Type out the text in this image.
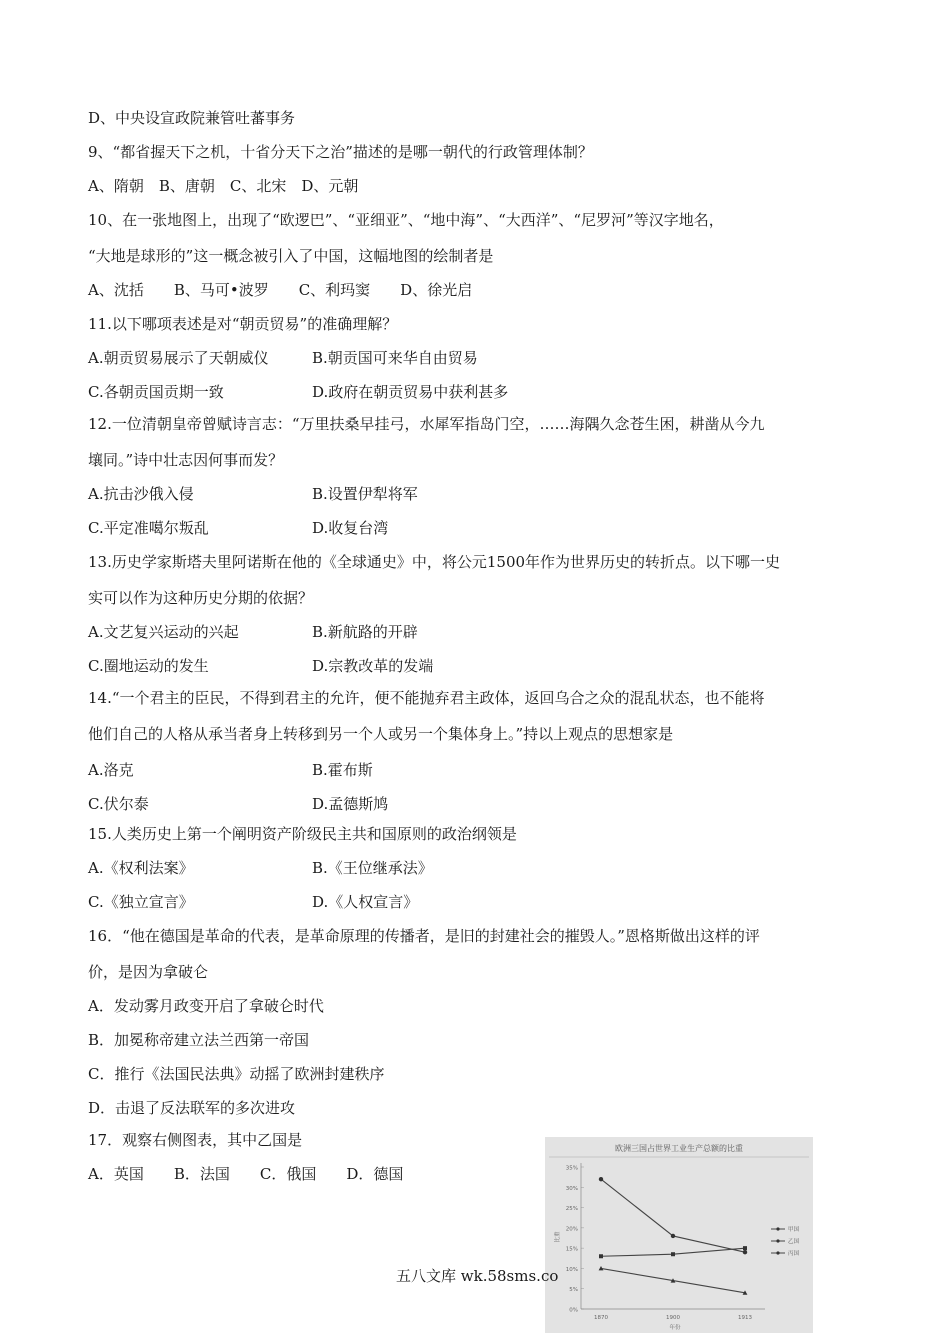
D、中央设宣政院兼管吐蕃事务
9、“都省握天下之机，十省分天下之治”描述的是哪一朝代的行政管理体制？
A、隋朝　B、唐朝　C、北宋　D、元朝
10、在一张地图上，出现了“欧逻巴”、“亚细亚”、“地中海”、“大西洋”、“尼罗河”等汉字地名，
“大地是球形的”这一概念被引入了中国，这幅地图的绘制者是
A、沈括　　B、马可•波罗　　C、利玛窦　　D、徐光启
11.以下哪项表述是对“朝贡贸易”的准确理解？
12.一位清朝皇帝曾赋诗言志：“万里扶桑早挂弓，水犀军指岛门空，……海隅久念苍生困，耕凿从今九
壤同。”诗中壮志因何事而发？
13.历史学家斯塔夫里阿诺斯在他的《全球通史》中，将公元1500年作为世界历史的转折点。以下哪一史
实可以作为这种历史分期的依据？
14.“一个君主的臣民，不得到君主的允许，便不能抛弃君主政体，返回乌合之众的混乱状态，也不能将
他们自己的人格从承当者身上转移到另一个人或另一个集体身上。”持以上观点的思想家是
15.人类历史上第一个阐明资产阶级民主共和国原则的政治纲领是
16．“他在德国是革命的代表，是革命原理的传播者，是旧的封建社会的摧毁人。”恩格斯做出这样的评
价，是因为拿破仑
A．发动雾月政变开启了拿破仑时代
B．加冕称帝建立法兰西第一帝国
C．推行《法国民法典》动摇了欧洲封建秩序
D．击退了反法联军的多次进攻
17．观察右侧图表，其中乙国是
A．英国　　B．法国　　C．俄国　　D．德国
A.朝贡贸易展示了天朝威仪	B.朝贡国可来华自由贸易
C.各朝贡国贡期一致	D.政府在朝贡贸易中获利甚多
A.抗击沙俄入侵	B.设置伊犁将军
C.平定准噶尔叛乱	D.收复台湾
A.文艺复兴运动的兴起	B.新航路的开辟
C.圈地运动的发生	D.宗教改革的发端
A.洛克	B.霍布斯
C.伏尔泰	D.孟德斯鸠
A.《权利法案》	B.《王位继承法》
C.《独立宣言》	D.《人权宣言》
欧洲三国占世界工业生产总额的比重
35%
30%
25%
20%
15%
10%
5%
0%
比重
1870	1900	1913
年份
甲国
乙国
丙国
五八文库 wk.58sms.co
